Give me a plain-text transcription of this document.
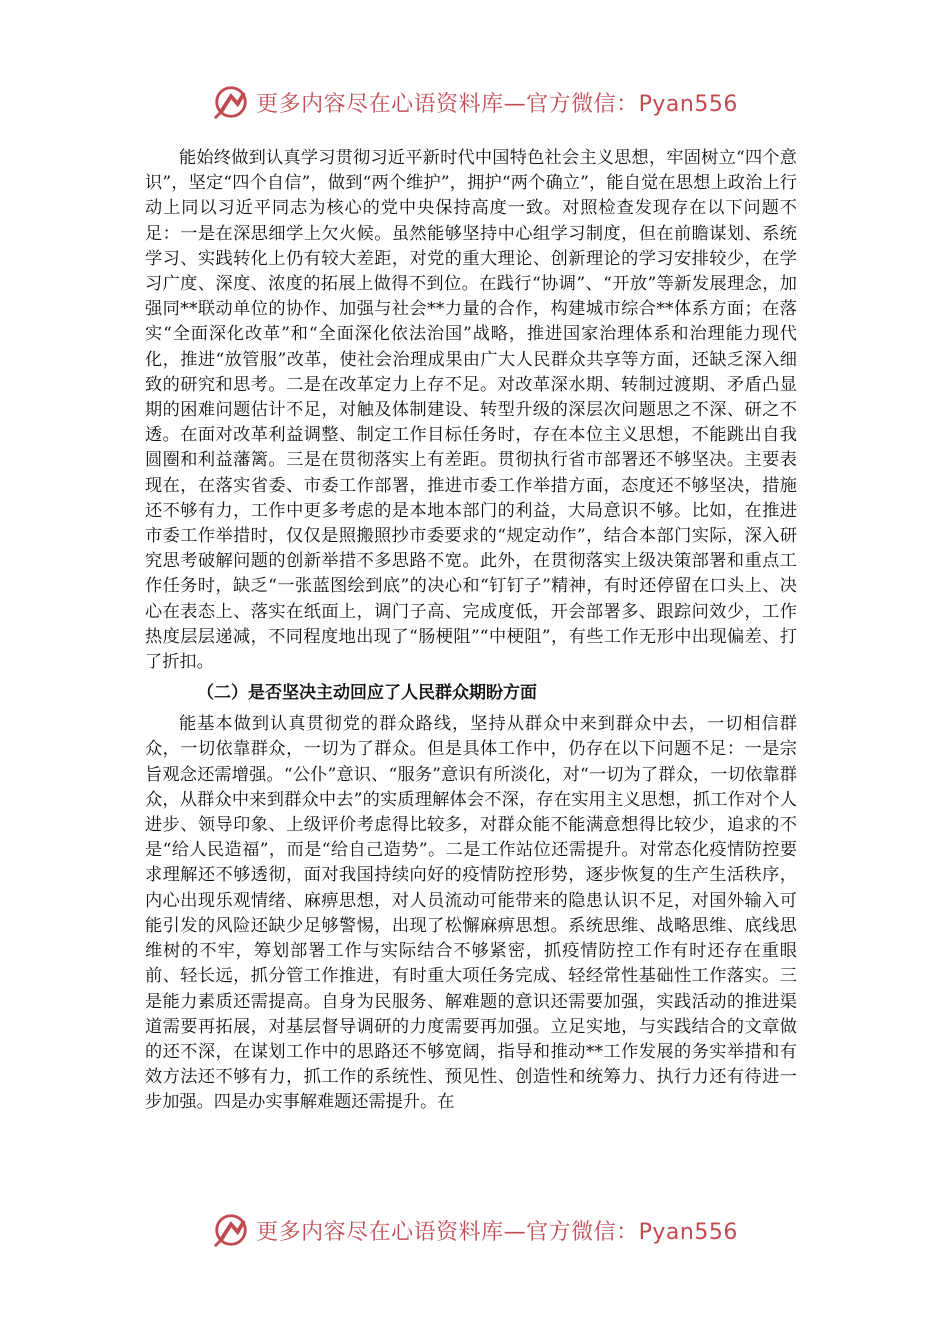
更多内容尽在心语资料库—官方微信：Pyan556

能始终做到认真学习贯彻习近平新时代中国特色社会主义思想，牢固树立“四个意识”，坚定“四个自信”，做到“两个维护”，拥护“两个确立”，能自觉在思想上政治上行动上同以习近平同志为核心的党中央保持高度一致。对照检查发现存在以下问题不足：一是在深思细学上欠火候。虽然能够坚持中心组学习制度，但在前瞻谋划、系统学习、实践转化上仍有较大差距，对党的重大理论、创新理论的学习安排较少，在学习广度、深度、浓度的拓展上做得不到位。在践行“协调”、“开放”等新发展理念，加强同**联动单位的协作、加强与社会**力量的合作，构建城市综合**体系方面；在落实“全面深化改革”和“全面深化依法治国”战略，推进国家治理体系和治理能力现代化，推进“放管服”改革，使社会治理成果由广大人民群众共享等方面，还缺乏深入细致的研究和思考。二是在改革定力上存不足。对改革深水期、转制过渡期、矛盾凸显期的困难问题估计不足，对触及体制建设、转型升级的深层次问题思之不深、研之不透。在面对改革利益调整、制定工作目标任务时，存在本位主义思想，不能跳出自我圆圈和利益藩篱。三是在贯彻落实上有差距。贯彻执行省市部署还不够坚决。主要表现在，在落实省委、市委工作部署，推进市委工作举措方面，态度还不够坚决，措施还不够有力，工作中更多考虑的是本地本部门的利益，大局意识不够。比如，在推进市委工作举措时，仅仅是照搬照抄市委要求的“规定动作”，结合本部门实际，深入研究思考破解问题的创新举措不多思路不宽。此外，在贯彻落实上级决策部署和重点工作任务时，缺乏“一张蓝图绘到底”的决心和“钉钉子”精神，有时还停留在口头上、决心在表态上、落实在纸面上，调门子高、完成度低，开会部署多、跟踪问效少，工作热度层层递减，不同程度地出现了“肠梗阻”“中梗阻”，有些工作无形中出现偏差、打了折扣。

（二）是否坚决主动回应了人民群众期盼方面

能基本做到认真贯彻党的群众路线，坚持从群众中来到群众中去，一切相信群众，一切依靠群众，一切为了群众。但是具体工作中，仍存在以下问题不足：一是宗旨观念还需增强。“公仆”意识、“服务”意识有所淡化，对“一切为了群众，一切依靠群众，从群众中来到群众中去”的实质理解体会不深，存在实用主义思想，抓工作对个人进步、领导印象、上级评价考虑得比较多，对群众能不能满意想得比较少，追求的不是“给人民造福”，而是“给自己造势”。二是工作站位还需提升。对常态化疫情防控要求理解还不够透彻，面对我国持续向好的疫情防控形势，逐步恢复的生产生活秩序，内心出现乐观情绪、麻痹思想，对人员流动可能带来的隐患认识不足，对国外输入可能引发的风险还缺少足够警惕，出现了松懈麻痹思想。系统思维、战略思维、底线思维树的不牢，筹划部署工作与实际结合不够紧密，抓疫情防控工作有时还存在重眼前、轻长远，抓分管工作推进，有时重大项任务完成、轻经常性基础性工作落实。三是能力素质还需提高。自身为民服务、解难题的意识还需要加强，实践活动的推进渠道需要再拓展，对基层督导调研的力度需要再加强。立足实地，与实践结合的文章做的还不深，在谋划工作中的思路还不够宽阔，指导和推动**工作发展的务实举措和有效方法还不够有力，抓工作的系统性、预见性、创造性和统筹力、执行力还有待进一步加强。四是办实事解难题还需提升。在

更多内容尽在心语资料库—官方微信：Pyan556
